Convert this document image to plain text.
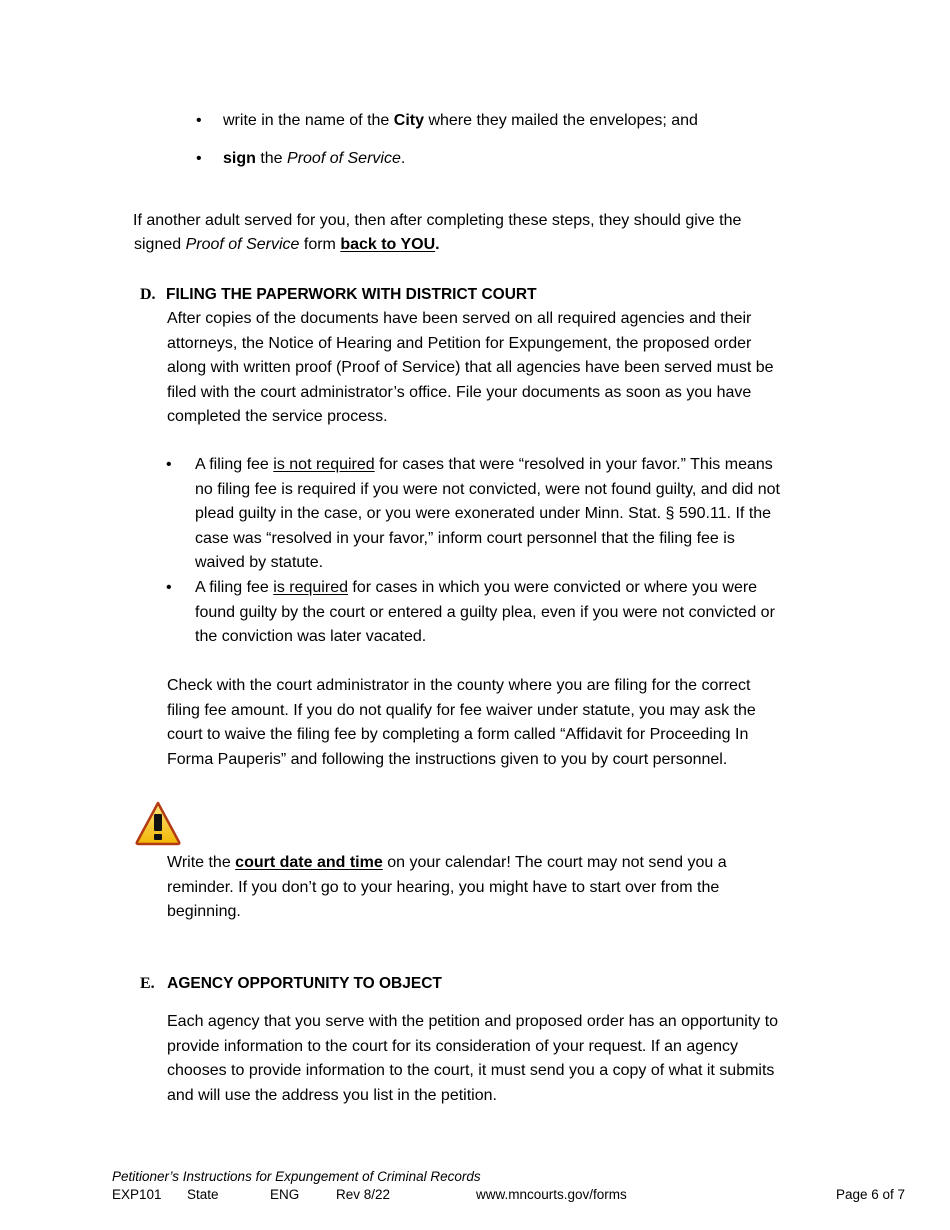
• write in the name of the City where they mailed the envelopes; and
• sign the Proof of Service.
If another adult served for you, then after completing these steps, they should give the
signed Proof of Service form back to YOU.
D. FILING THE PAPERWORK WITH DISTRICT COURT
After copies of the documents have been served on all required agencies and their
attorneys, the Notice of Hearing and Petition for Expungement, the proposed order
along with written proof (Proof of Service) that all agencies have been served must be
filed with the court administrator’s office. File your documents as soon as you have
completed the service process.
• A filing fee is not required for cases that were “resolved in your favor.” This means
no filing fee is required if you were not convicted, were not found guilty, and did not
plead guilty in the case, or you were exonerated under Minn. Stat. § 590.11. If the
case was “resolved in your favor,” inform court personnel that the filing fee is
waived by statute.
• A filing fee is required for cases in which you were convicted or where you were
found guilty by the court or entered a guilty plea, even if you were not convicted or
the conviction was later vacated.
Check with the court administrator in the county where you are filing for the correct
filing fee amount. If you do not qualify for fee waiver under statute, you may ask the
court to waive the filing fee by completing a form called “Affidavit for Proceeding In
Forma Pauperis” and following the instructions given to you by court personnel.
Write the court date and time on your calendar! The court may not send you a
reminder. If you don’t go to your hearing, you might have to start over from the
beginning.
E. AGENCY OPPORTUNITY TO OBJECT
Each agency that you serve with the petition and proposed order has an opportunity to
provide information to the court for its consideration of your request. If an agency
chooses to provide information to the court, it must send you a copy of what it submits
and will use the address you list in the petition.
Petitioner’s Instructions for Expungement of Criminal Records
EXP101 State	ENG	Rev 8/22	www.mncourts.gov/forms	Page 6 of 7
